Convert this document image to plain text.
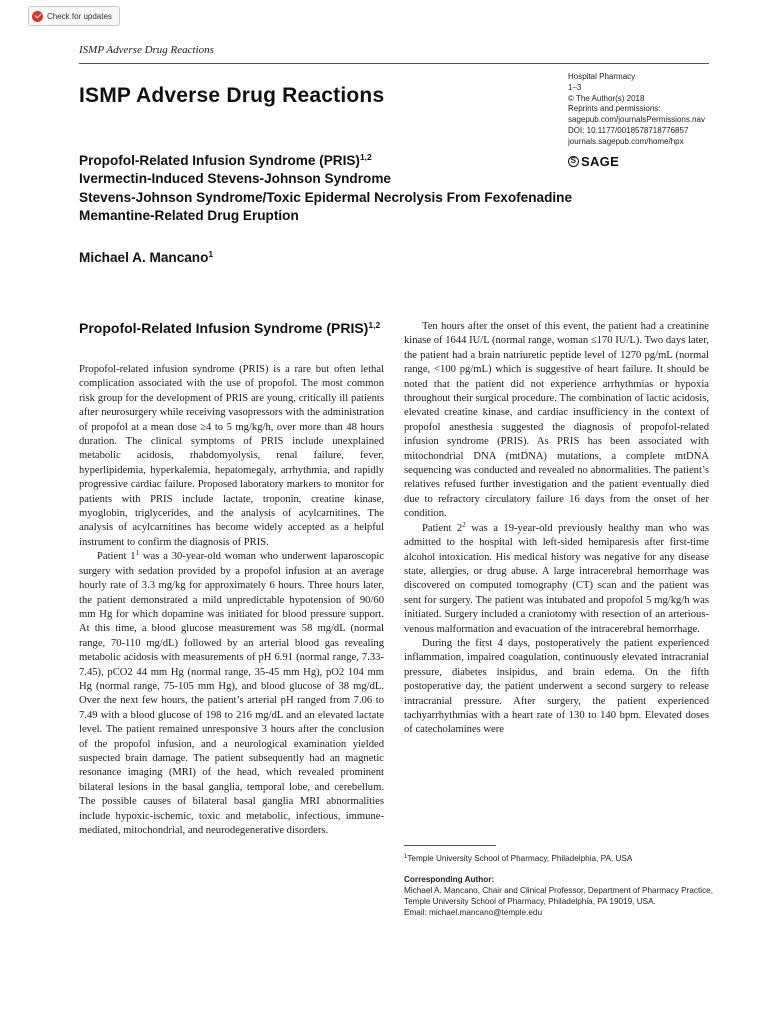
Check for updates
ISMP Adverse Drug Reactions
Hospital Pharmacy
1–3
© The Author(s) 2018
Reprints and permissions:
sagepub.com/journalsPermissions.nav
DOI: 10.1177/0018578718776857
journals.sagepub.com/home/hpx
S SAGE
ISMP Adverse Drug Reactions
Propofol-Related Infusion Syndrome (PRIS)$^{1,2}$
Ivermectin-Induced Stevens-Johnson Syndrome
Stevens-Johnson Syndrome/Toxic Epidermal Necrolysis From Fexofenadine
Memantine-Related Drug Eruption
Michael A. Mancano$^1$
Propofol-Related Infusion Syndrome (PRIS)$^{1,2}$

Propofol-related infusion syndrome (PRIS) is a rare but often lethal complication associated with the use of propofol. The most common risk group for the development of PRIS are young, critically ill patients after neurosurgery while receiving vasopressors with the administration of propofol at a mean dose ≥4 to 5 mg/kg/h, over more than 48 hours duration. The clinical symptoms of PRIS include unexplained metabolic acidosis, rhabdomyolysis, renal failure, fever, hyperlipidemia, hyperkalemia, hepatomegaly, arrhythmia, and rapidly progressive cardiac failure. Proposed laboratory markers to monitor for patients with PRIS include lactate, troponin, creatine kinase, myoglobin, triglycerides, and the analysis of acylcarnitines. The analysis of acylcarnitines has become widely accepted as a helpful instrument to confirm the diagnosis of PRIS.

Patient $1^1$ was a 30-year-old woman who underwent laparoscopic surgery with sedation provided by a propofol infusion at an average hourly rate of 3.3 mg/kg for approximately 6 hours. Three hours later, the patient demonstrated a mild unpredictable hypotension of 90/60 mm Hg for which dopamine was initiated for blood pressure support. At this time, a blood glucose measurement was 58 mg/dL (normal range, 70-110 mg/dL) followed by an arterial blood gas revealing metabolic acidosis with measurements of pH 6.91 (normal range, 7.33-7.45), pCO2 44 mm Hg (normal range, 35-45 mm Hg), pO2 104 mm Hg (normal range, 75-105 mm Hg), and blood glucose of 38 mg/dL. Over the next few hours, the patient’s arterial pH ranged from 7.06 to 7.49 with a blood glucose of 198 to 216 mg/dL and an elevated lactate level. The patient remained unresponsive 3 hours after the conclusion of the propofol infusion, and a neurological examination yielded suspected brain damage. The patient subsequently had an magnetic resonance imaging (MRI) of the head, which revealed prominent bilateral lesions in the basal ganglia, temporal lobe, and cerebellum. The possible causes of bilateral basal ganglia MRI abnormalities include hypoxic-ischemic, toxic and metabolic, infectious, immune-mediated, mitochondrial, and neurodegenerative disorders.

Ten hours after the onset of this event, the patient had a creatinine kinase of 1644 IU/L (normal range, woman ≤170 IU/L). Two days later, the patient had a brain natriuretic peptide level of 1270 pg/mL (normal range, <100 pg/mL) which is suggestive of heart failure. It should be noted that the patient did not experience arrhythmias or hypoxia throughout their surgical procedure. The combination of lactic acidosis, elevated creatine kinase, and cardiac insufficiency in the context of propofol anesthesia suggested the diagnosis of propofol-related infusion syndrome (PRIS). As PRIS has been associated with mitochondrial DNA (mtDNA) mutations, a complete mtDNA sequencing was conducted and revealed no abnormalities. The patient’s relatives refused further investigation and the patient eventually died due to refractory circulatory failure 16 days from the onset of her condition.

Patient $2^2$ was a 19-year-old previously healthy man who was admitted to the hospital with left-sided hemiparesis after first-time alcohol intoxication. His medical history was negative for any disease state, allergies, or drug abuse. A large intracerebral hemorrhage was discovered on computed tomography (CT) scan and the patient was sent for surgery. The patient was intubated and propofol 5 mg/kg/h was initiated. Surgery included a craniotomy with resection of an arterious-venous malformation and evacuation of the intracerebral hemorrhage.

During the first 4 days, postoperatively the patient experienced inflammation, impaired coagulation, continuously elevated intracranial pressure, diabetes insipidus, and brain edema. On the fifth postoperative day, the patient underwent a second surgery to release intracranial pressure. After surgery, the patient experienced tachyarrhythmias with a heart rate of 130 to 140 bpm. Elevated doses of catecholamines were

$^1$Temple University School of Pharmacy, Philadelphia, PA, USA

Corresponding Author:

Michael A. Mancano, Chair and Clinical Professor, Department of Pharmacy Practice, Temple University School of Pharmacy, Philadelphia, PA 19019, USA.

Email: michael.mancano@temple.edu
